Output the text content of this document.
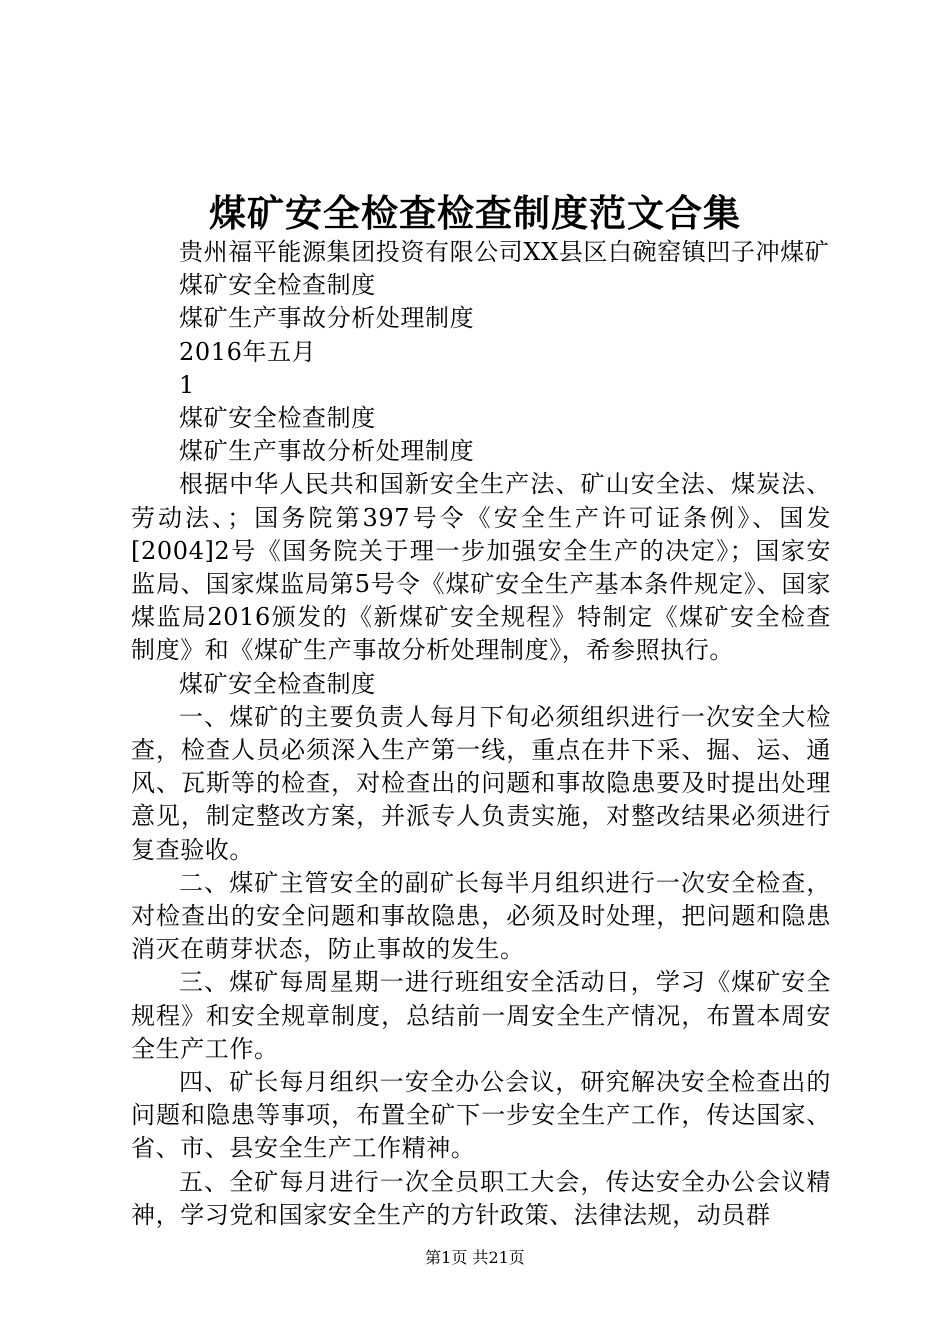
煤矿安全检查检查制度范文合集

贵州福平能源集团投资有限公司XX县区白碗窑镇凹子冲煤矿

煤矿安全检查制度

煤矿生产事故分析处理制度

2016年五月

1

煤矿安全检查制度

煤矿生产事故分析处理制度

根据中华人民共和国新安全生产法、矿山安全法、煤炭法、劳动法、；国务院第397号令《安全生产许可证条例》、国发[2004]2号《国务院关于理一步加强安全生产的决定》；国家安监局、国家煤监局第5号令《煤矿安全生产基本条件规定》、国家煤监局2016颁发的《新煤矿安全规程》特制定《煤矿安全检查制度》和《煤矿生产事故分析处理制度》，希参照执行。

煤矿安全检查制度

一、煤矿的主要负责人每月下旬必须组织进行一次安全大检查，检查人员必须深入生产第一线，重点在井下采、掘、运、通风、瓦斯等的检查，对检查出的问题和事故隐患要及时提出处理意见，制定整改方案，并派专人负责实施，对整改结果必须进行复查验收。

二、煤矿主管安全的副矿长每半月组织进行一次安全检查，对检查出的安全问题和事故隐患，必须及时处理，把问题和隐患消灭在萌芽状态，防止事故的发生。

三、煤矿每周星期一进行班组安全活动日，学习《煤矿安全规程》和安全规章制度，总结前一周安全生产情况，布置本周安全生产工作。

四、矿长每月组织一安全办公会议，研究解决安全检查出的问题和隐患等事项，布置全矿下一步安全生产工作，传达国家、省、市、县安全生产工作精神。

五、全矿每月进行一次全员职工大会，传达安全办公会议精神，学习党和国家安全生产的方针政策、法律法规，动员群

第1页 共21页
